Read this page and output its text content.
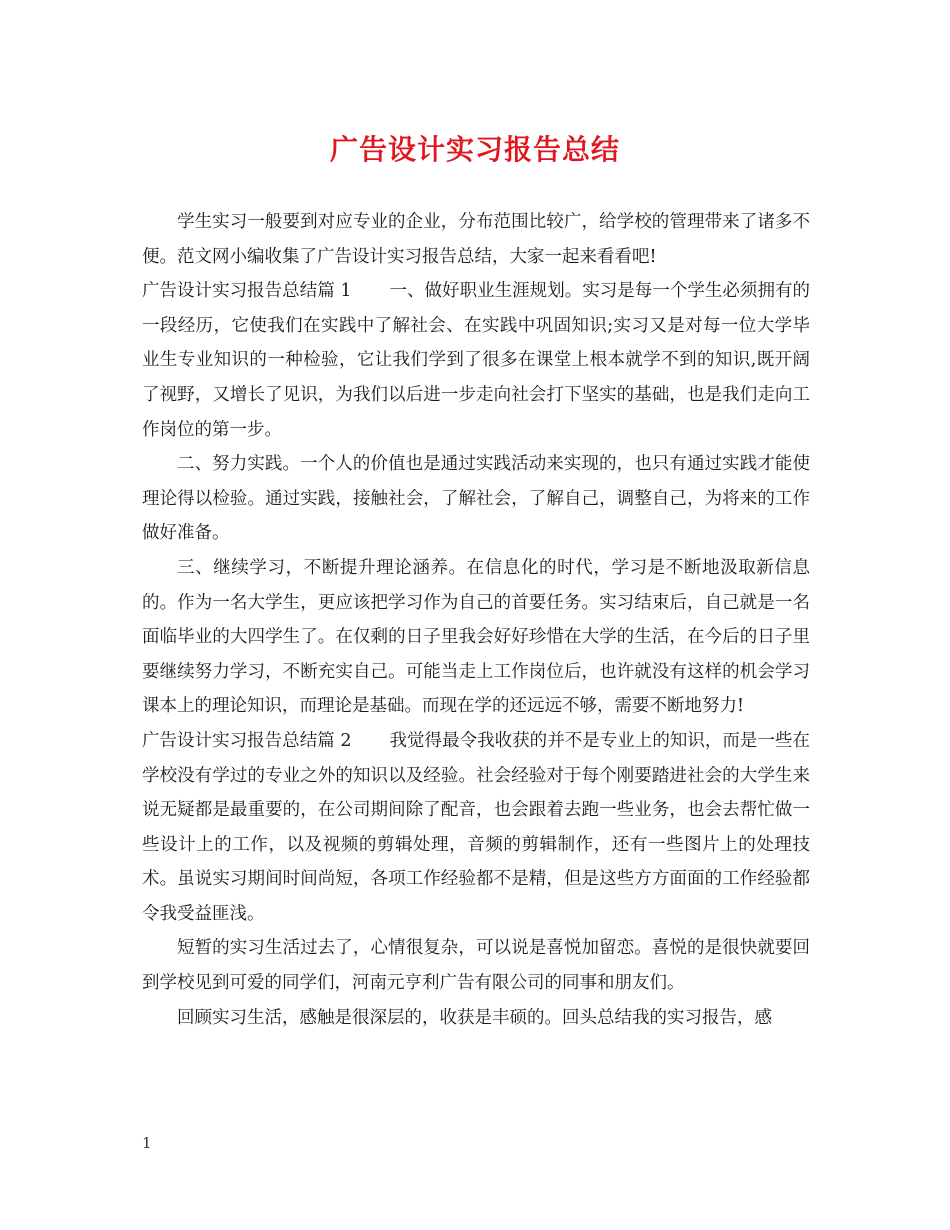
广告设计实习报告总结

学生实习一般要到对应专业的企业，分布范围比较广，给学校的管理带来了诸多不便。范文网小编收集了广告设计实习报告总结，大家一起来看看吧!

广告设计实习报告总结篇 1 一、做好职业生涯规划。实习是每一个学生必须拥有的一段经历，它使我们在实践中了解社会、在实践中巩固知识;实习又是对每一位大学毕业生专业知识的一种检验，它让我们学到了很多在课堂上根本就学不到的知识,既开阔了视野，又增长了见识，为我们以后进一步走向社会打下坚实的基础，也是我们走向工作岗位的第一步。

二、努力实践。一个人的价值也是通过实践活动来实现的，也只有通过实践才能使理论得以检验。通过实践，接触社会，了解社会，了解自己，调整自己，为将来的工作做好准备。

三、继续学习，不断提升理论涵养。在信息化的时代，学习是不断地汲取新信息的。作为一名大学生，更应该把学习作为自己的首要任务。实习结束后，自己就是一名面临毕业的大四学生了。在仅剩的日子里我会好好珍惜在大学的生活，在今后的日子里要继续努力学习，不断充实自己。可能当走上工作岗位后，也许就没有这样的机会学习课本上的理论知识，而理论是基础。而现在学的还远远不够，需要不断地努力!

广告设计实习报告总结篇 2 我觉得最令我收获的并不是专业上的知识，而是一些在学校没有学过的专业之外的知识以及经验。社会经验对于每个刚要踏进社会的大学生来说无疑都是最重要的，在公司期间除了配音，也会跟着去跑一些业务，也会去帮忙做一些设计上的工作，以及视频的剪辑处理，音频的剪辑制作，还有一些图片上的处理技术。虽说实习期间时间尚短，各项工作经验都不是精，但是这些方方面面的工作经验都令我受益匪浅。

短暂的实习生活过去了，心情很复杂，可以说是喜悦加留恋。喜悦的是很快就要回到学校见到可爱的同学们，河南元亨利广告有限公司的同事和朋友们。

回顾实习生活，感触是很深层的，收获是丰硕的。回头总结我的实习报告，感

1
